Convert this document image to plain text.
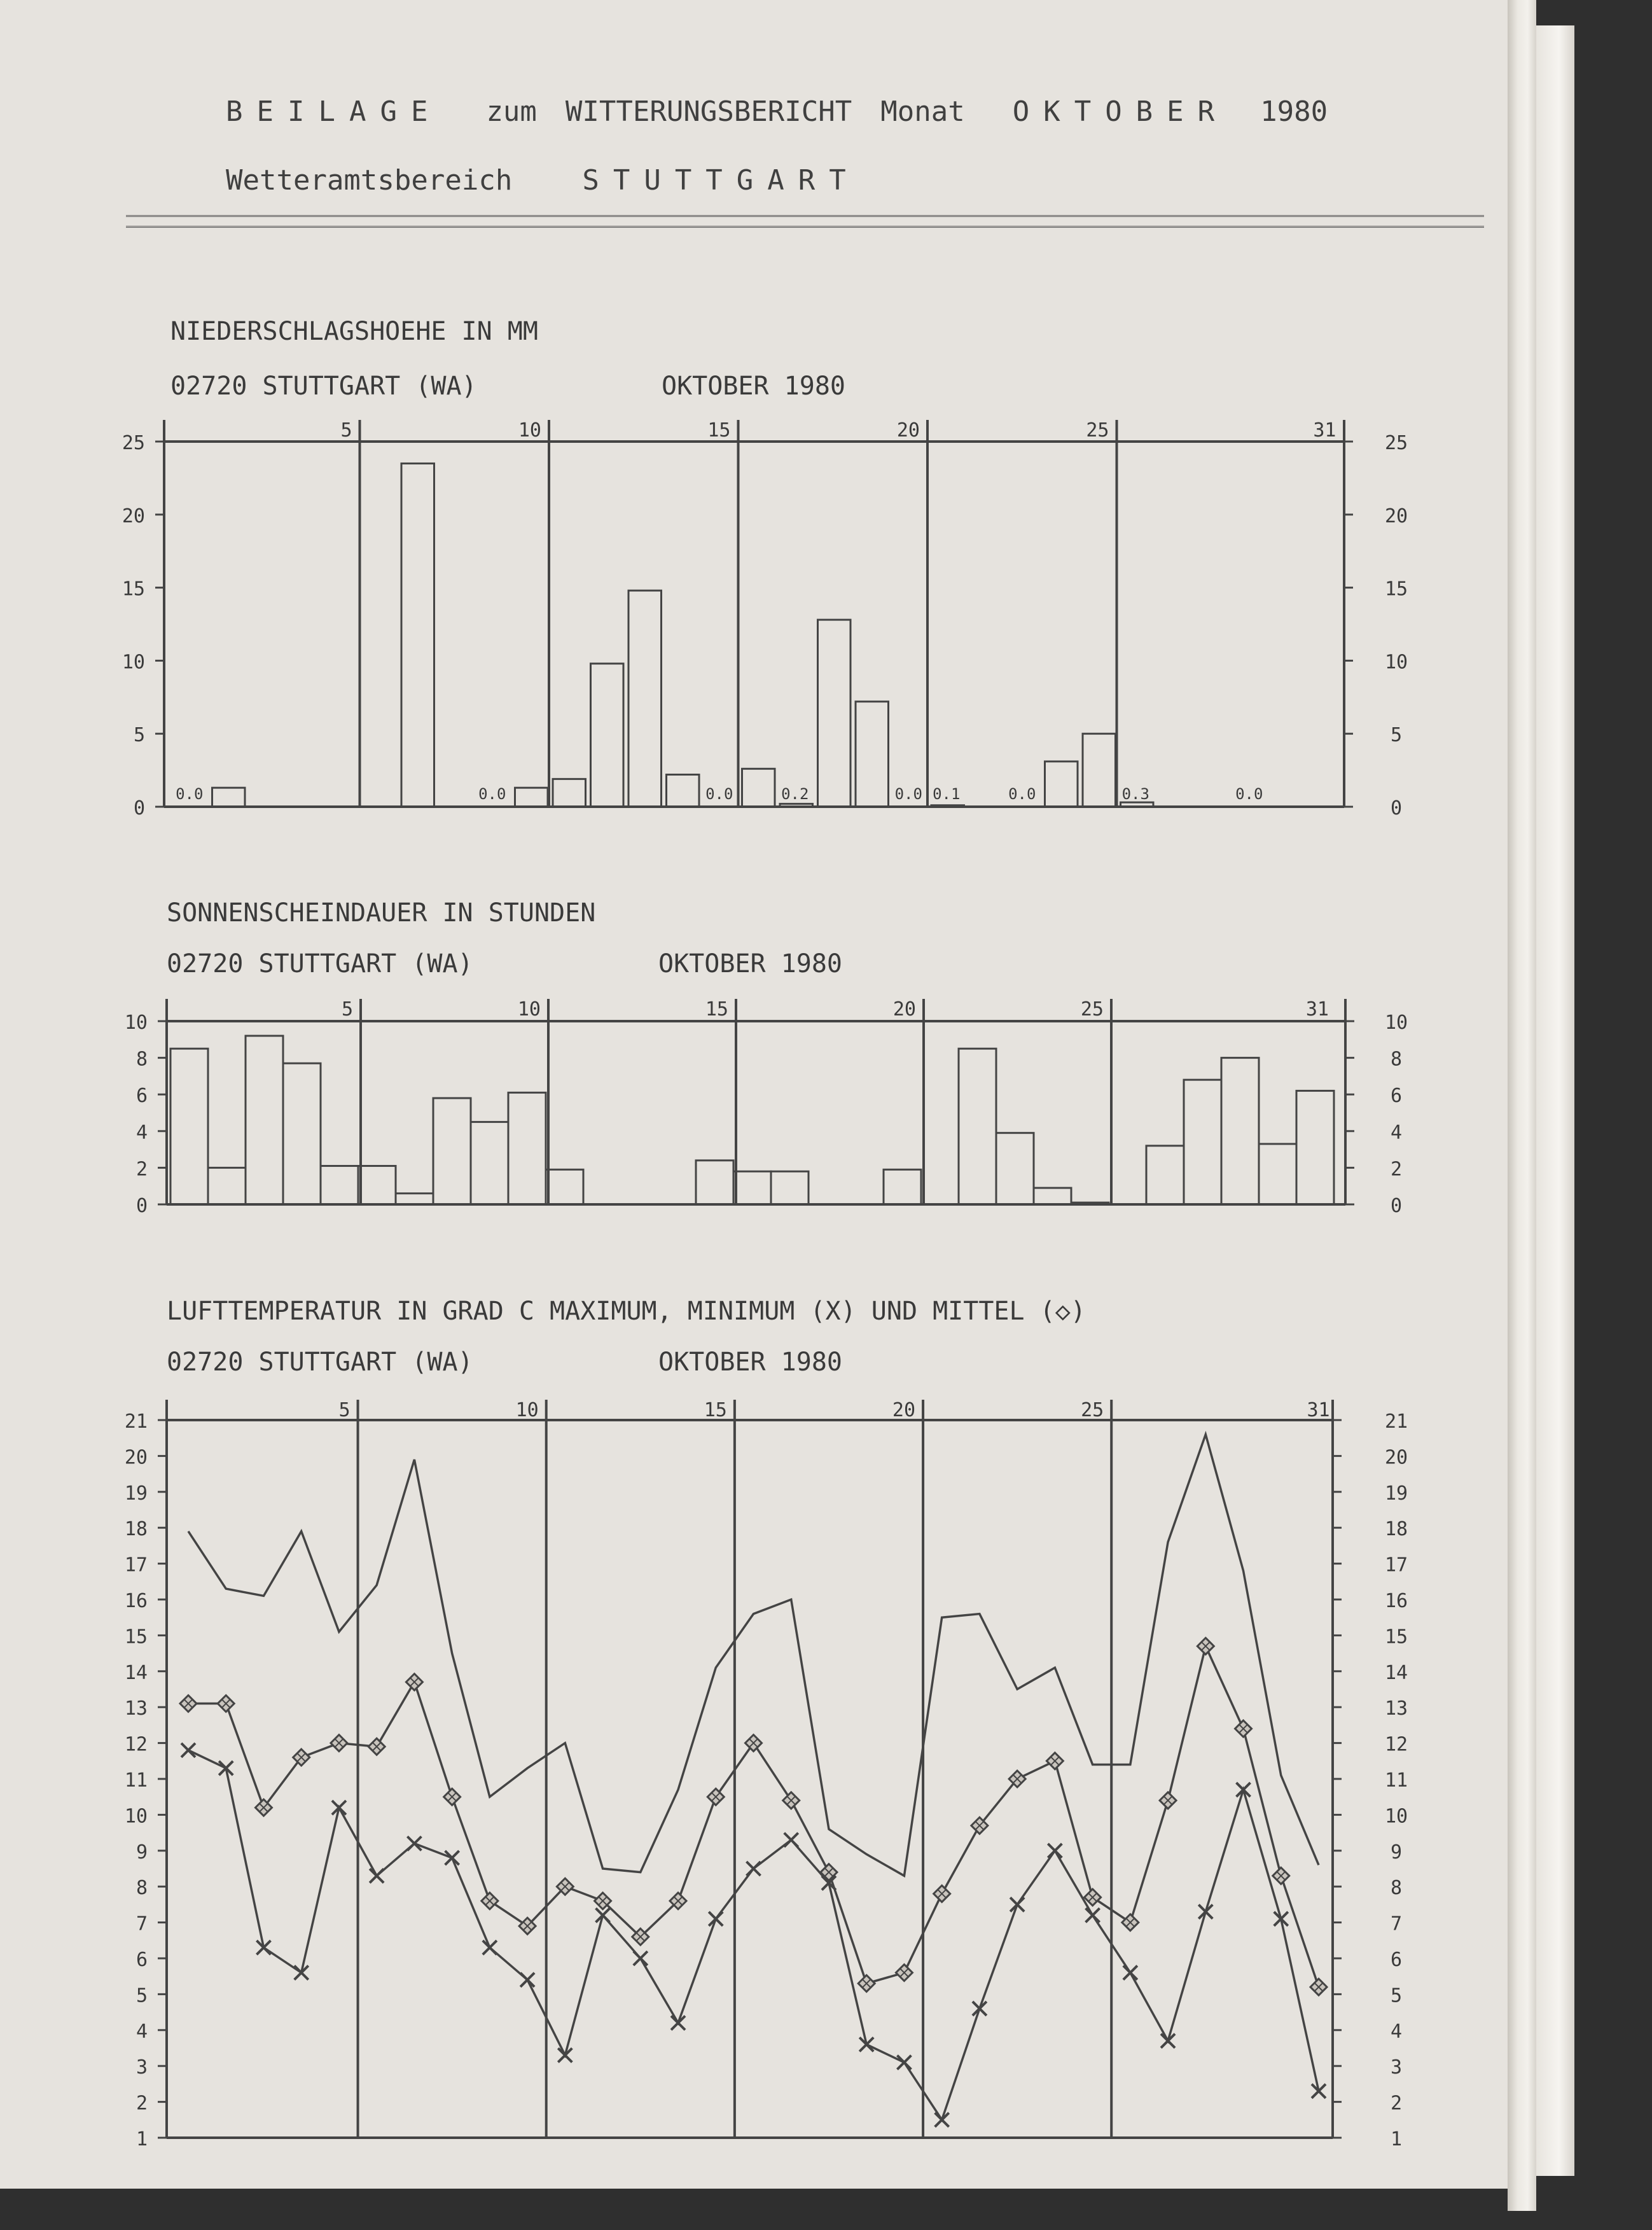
BEILAGE zum WITTERUNGSBERICHT Monat OKTOBER 1980
Wetteramtsbereich	STUTTGART
NIEDERSCHLAGSHOEHE IN MM
02720 STUTTGART (WA)	OKTOBER 1980
0	0
5	5
10	10
15	15
20	20
25	25
5	10	15	20	25	31
0.0	0.0	0.0	0.2	0.0 0.1	0.0	0.3	0.0
SONNENSCHEINDAUER IN STUNDEN
02720 STUTTGART (WA)	OKTOBER 1980
0	0
2	2
4	4
6	6
8	8
10	10
5	10	15	20	25	31
LUFTTEMPERATUR IN GRAD C MAXIMUM, MINIMUM (X) UND MITTEL (◇)
02720 STUTTGART (WA)	OKTOBER 1980
1	1
2	2
3	3
4	4
5	5
6	6
7	7
8	8
9	9
10	10
11	11
12	12
13	13
14	14
15	15
16	16
17	17
18	18
19	19
20	20
21	21
5	10	15	20	25	31
